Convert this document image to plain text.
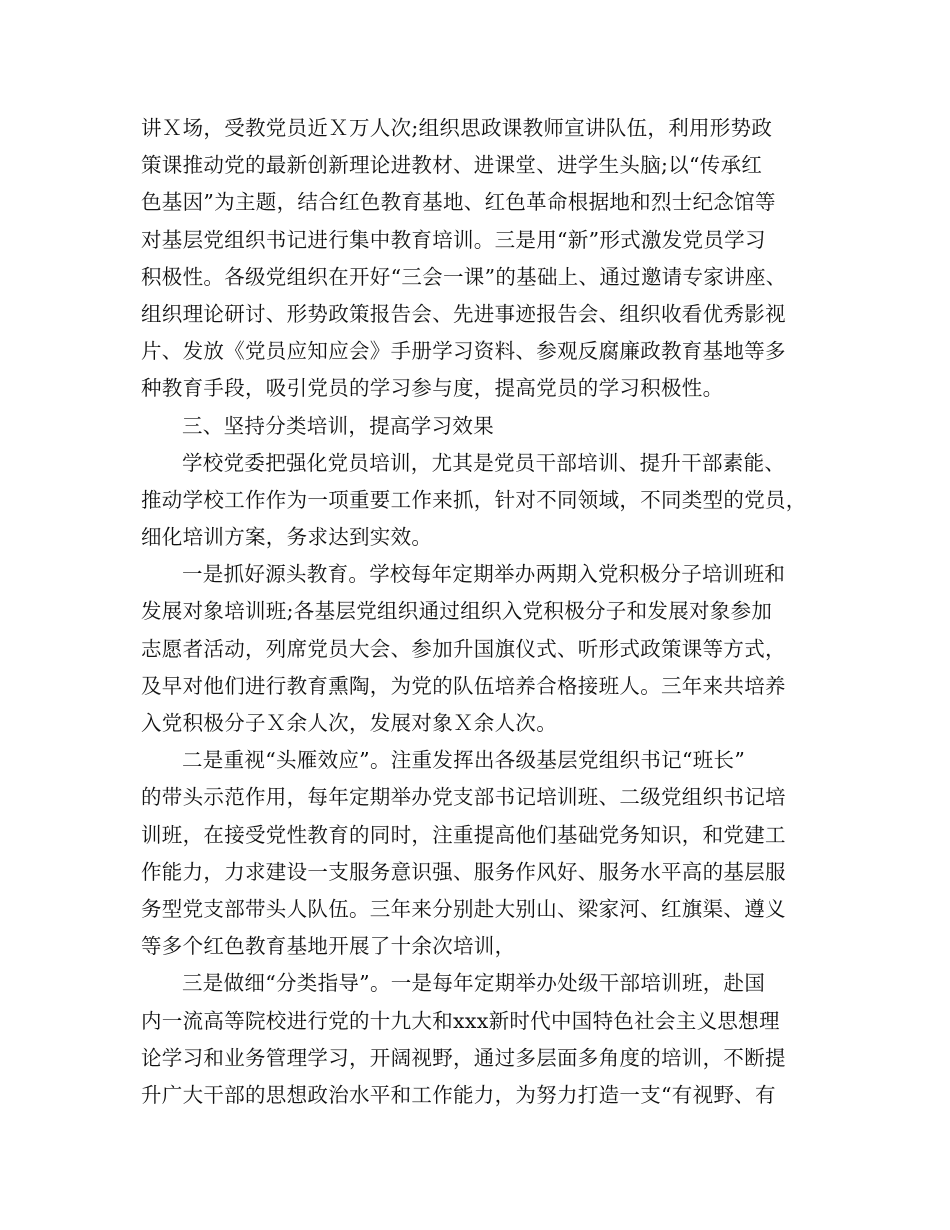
讲Ｘ场，受教党员近Ｘ万人次;组织思政课教师宣讲队伍，利用形势政
策课推动党的最新创新理论进教材、进课堂、进学生头脑;以“传承红
色基因”为主题，结合红色教育基地、红色革命根据地和烈士纪念馆等
对基层党组织书记进行集中教育培训。三是用“新”形式激发党员学习
积极性。各级党组织在开好“三会一课”的基础上、通过邀请专家讲座、
组织理论研讨、形势政策报告会、先进事迹报告会、组织收看优秀影视
片、发放《党员应知应会》手册学习资料、参观反腐廉政教育基地等多
种教育手段，吸引党员的学习参与度，提高党员的学习积极性。
三、坚持分类培训，提高学习效果
学校党委把强化党员培训，尤其是党员干部培训、提升干部素能、
推动学校工作作为一项重要工作来抓，针对不同领域，不同类型的党员，
细化培训方案，务求达到实效。
一是抓好源头教育。学校每年定期举办两期入党积极分子培训班和
发展对象培训班;各基层党组织通过组织入党积极分子和发展对象参加
志愿者活动，列席党员大会、参加升国旗仪式、听形式政策课等方式，
及早对他们进行教育熏陶，为党的队伍培养合格接班人。三年来共培养
入党积极分子Ｘ余人次，发展对象Ｘ余人次。
二是重视“头雁效应”。注重发挥出各级基层党组织书记“班长”
的带头示范作用，每年定期举办党支部书记培训班、二级党组织书记培
训班，在接受党性教育的同时，注重提高他们基础党务知识，和党建工
作能力，力求建设一支服务意识强、服务作风好、服务水平高的基层服
务型党支部带头人队伍。三年来分别赴大别山、梁家河、红旗渠、遵义
等多个红色教育基地开展了十余次培训，
三是做细“分类指导”。一是每年定期举办处级干部培训班，赴国
内一流高等院校进行党的十九大和xxx新时代中国特色社会主义思想理
论学习和业务管理学习，开阔视野，通过多层面多角度的培训，不断提
升广大干部的思想政治水平和工作能力，为努力打造一支“有视野、有
